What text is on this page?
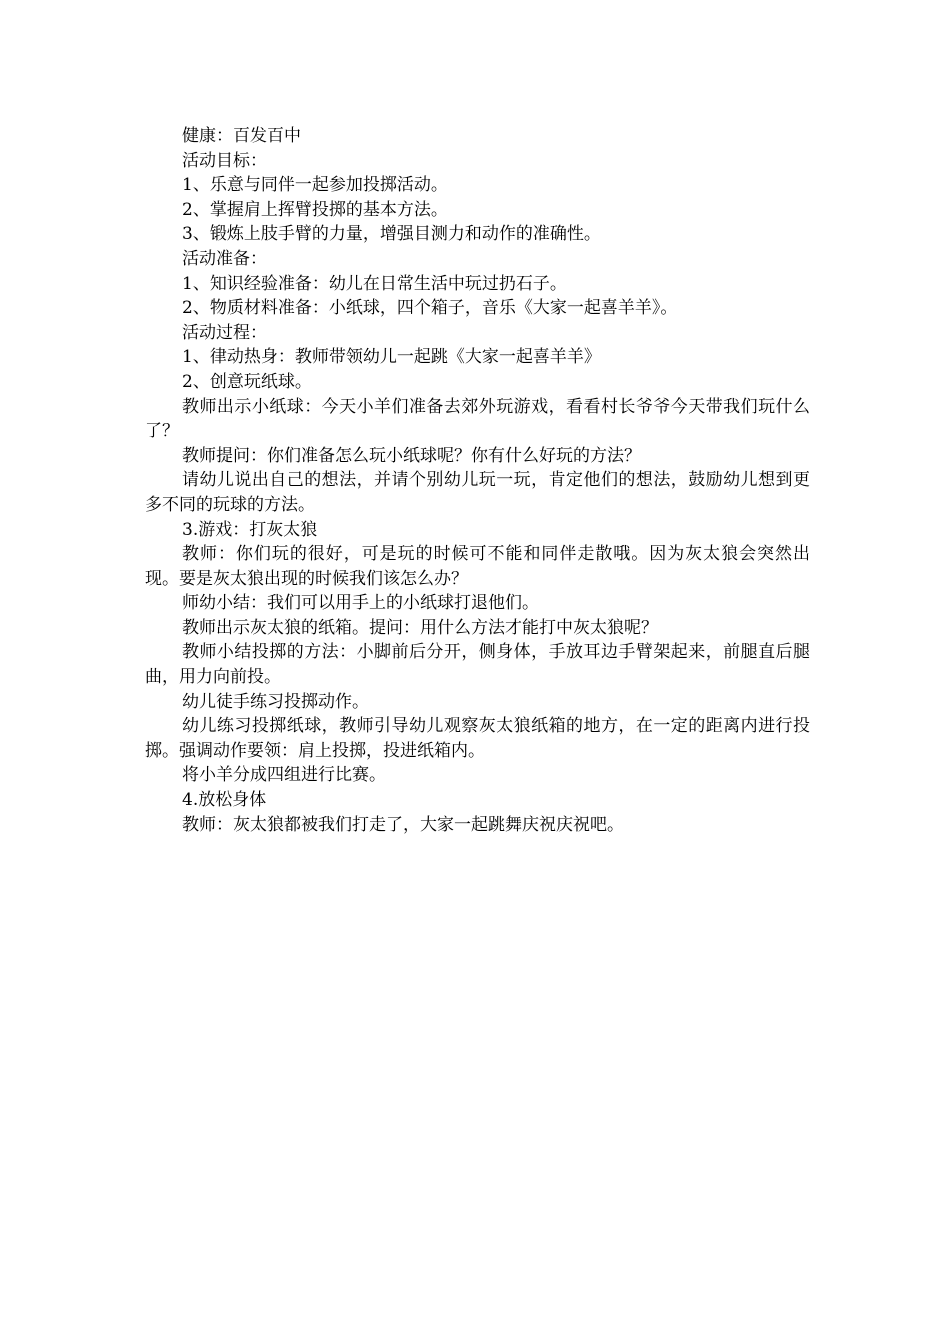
健康：百发百中

活动目标：

1、乐意与同伴一起参加投掷活动。

2、掌握肩上挥臂投掷的基本方法。

3、锻炼上肢手臂的力量，增强目测力和动作的准确性。

活动准备：

1、知识经验准备：幼儿在日常生活中玩过扔石子。

2、物质材料准备：小纸球，四个箱子，音乐《大家一起喜羊羊》。

活动过程：

1、律动热身：教师带领幼儿一起跳《大家一起喜羊羊》

2、创意玩纸球。

教师出示小纸球：今天小羊们准备去郊外玩游戏，看看村长爷爷今天带我们玩什么了？

教师提问：你们准备怎么玩小纸球呢？你有什么好玩的方法？

请幼儿说出自己的想法，并请个别幼儿玩一玩，肯定他们的想法，鼓励幼儿想到更多不同的玩球的方法。

3.游戏：打灰太狼

教师：你们玩的很好，可是玩的时候可不能和同伴走散哦。因为灰太狼会突然出现。要是灰太狼出现的时候我们该怎么办？

师幼小结：我们可以用手上的小纸球打退他们。

教师出示灰太狼的纸箱。提问：用什么方法才能打中灰太狼呢？

教师小结投掷的方法：小脚前后分开，侧身体，手放耳边手臂架起来，前腿直后腿曲，用力向前投。

幼儿徒手练习投掷动作。

幼儿练习投掷纸球，教师引导幼儿观察灰太狼纸箱的地方，在一定的距离内进行投掷。强调动作要领：肩上投掷，投进纸箱内。

将小羊分成四组进行比赛。

4.放松身体

教师：灰太狼都被我们打走了，大家一起跳舞庆祝庆祝吧。
